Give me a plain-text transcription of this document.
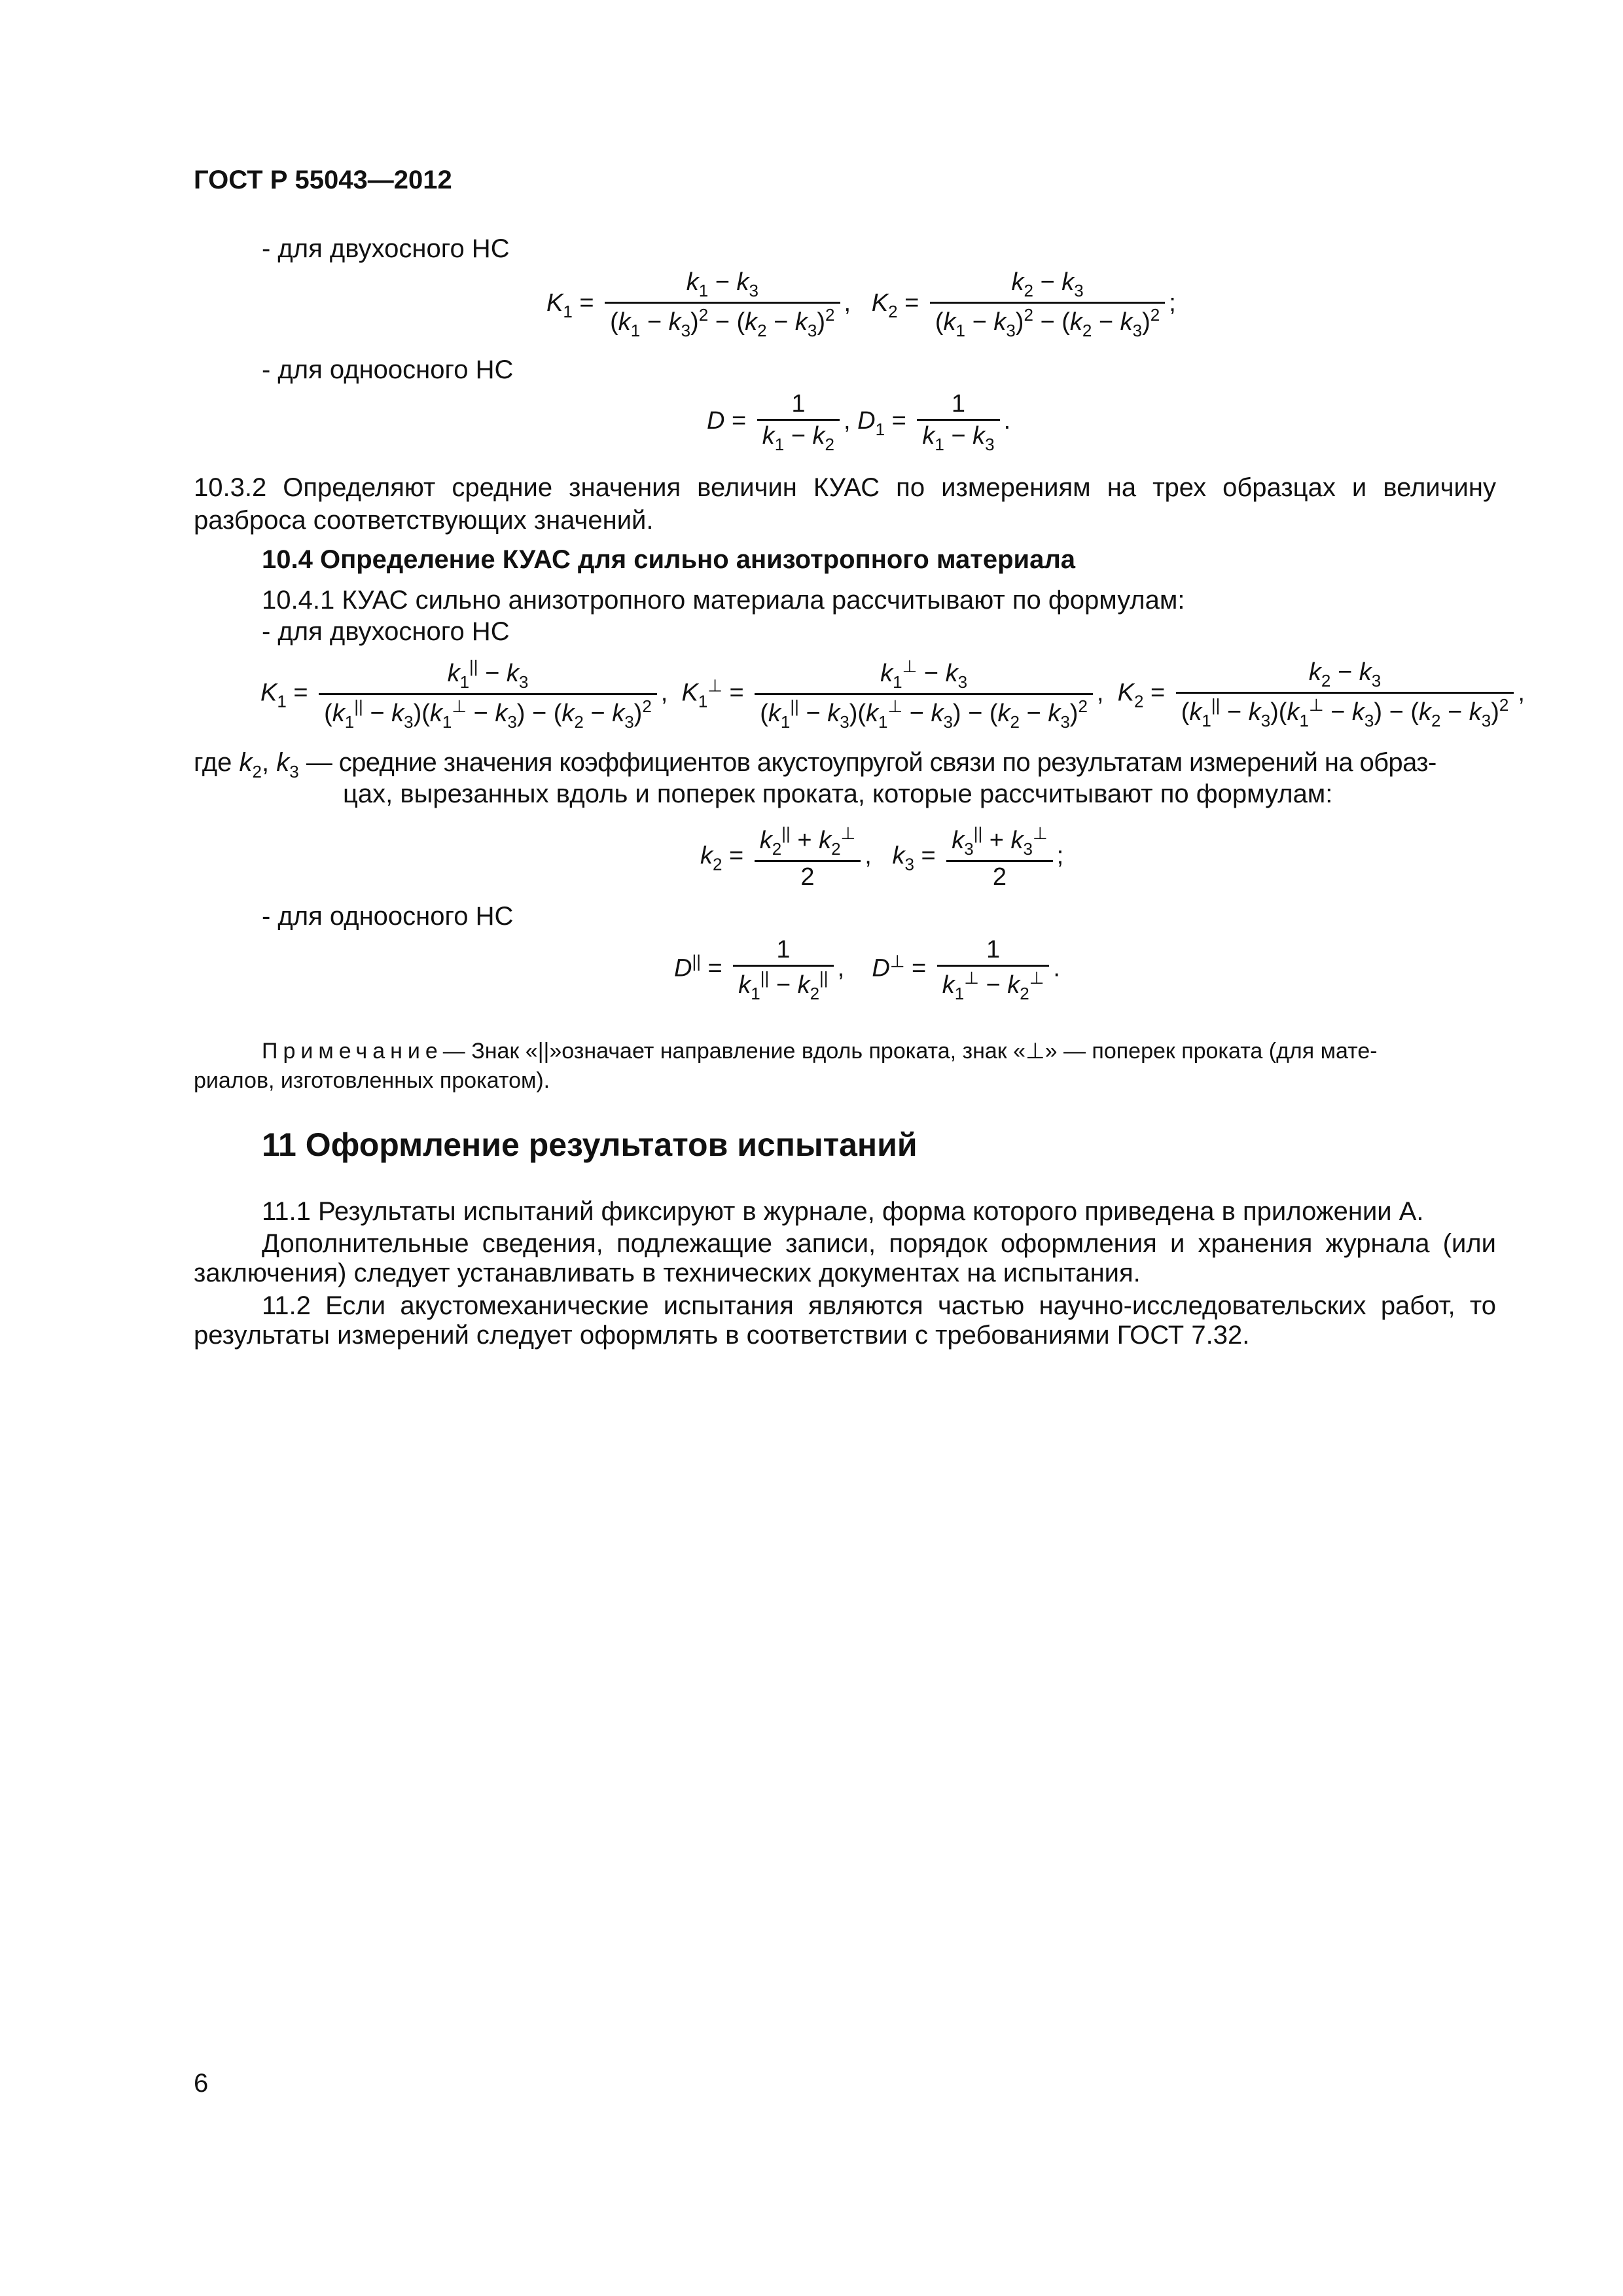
ГОСТ Р 55043—2012
- для двухосного НС
$K_1 = \frac{k_1 - k_3}{(k_1 - k_3)^2 - (k_2 - k_3)^2}$ ,   $K_2 = \frac{k_2 - k_3}{(k_1 - k_3)^2 - (k_2 - k_3)^2}$ ;
- для одноосного НС
$D = \frac{1}{k_1 - k_2}$ , $D_1 = \frac{1}{k_1 - k_3}$ .
10.3.2 Определяют средние значения величин КУАС по измерениям на трех образцах и величину
разброса соответствующих значений.
10.4 Определение КУАС для сильно анизотропного материала
10.4.1 КУАС сильно анизотропного материала рассчитывают по формулам:
- для двухосного НС
$K_1 = \frac{k_1^{||} - k_3}{(k_1^{||} - k_3)(k_1^\perp - k_3) - (k_2 - k_3)^2}$ ,  $K_1^\perp = \frac{k_1^\perp - k_3}{(k_1^{||} - k_3)(k_1^\perp - k_3) - (k_2 - k_3)^2}$ ,  $K_2 = \frac{k_2 - k_3}{(k_1^{||} - k_3)(k_1^\perp - k_3) - (k_2 - k_3)^2}$ ,
где $k_2$, $k_3$ — средние значения коэффициентов акустоупругой связи по результатам измерений на образ-
цах, вырезанных вдоль и поперек проката, которые рассчитывают по формулам:
$k_2 = \frac{k_2^{||} + k_2^\perp}{2}$ ,   $k_3 = \frac{k_3^{||} + k_3^\perp}{2}$ ;
- для одноосного НС
$D^{||} = \frac{1}{k_1^{||} - k_2^{||}}$ ,    $D^\perp = \frac{1}{k_1^\perp - k_2^\perp}$ .
Примечание— Знак «||»означает направление вдоль проката, знак «⊥» — поперек проката (для мате-
риалов, изготовленных прокатом).
11 Оформление результатов испытаний
11.1 Результаты испытаний фиксируют в журнале, форма которого приведена в приложении А.
Дополнительные сведения, подлежащие записи, порядок оформления и хранения журнала (или
заключения) следует устанавливать в технических документах на испытания.
11.2 Если акустомеханические испытания являются частью научно-исследовательских работ, то
результаты измерений следует оформлять в соответствии с требованиями ГОСТ 7.32.
6
